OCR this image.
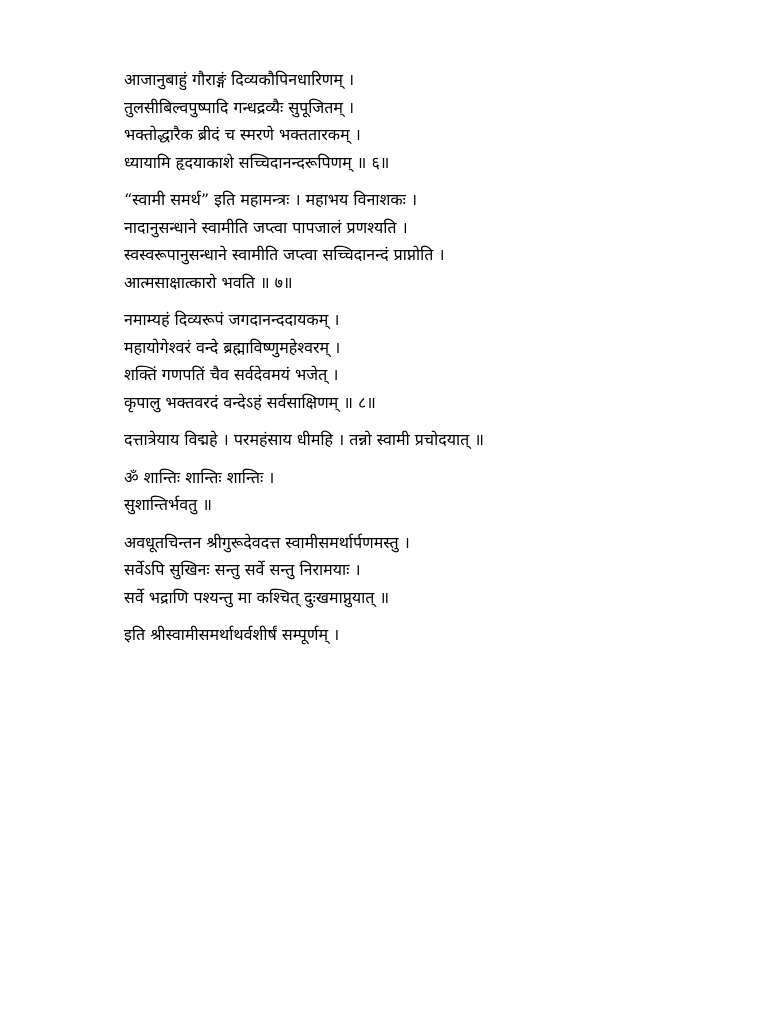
आजानुबाहुं गौराङ्गं दिव्यकौपिनधारिणम् ।
तुलसीबिल्वपुष्पादि गन्धद्रव्यैः सुपूजितम् ।
भक्तोद्धारैक ब्रीदं च स्मरणे भक्ततारकम् ।
ध्यायामि हृदयाकाशे सच्चिदानन्दरूपिणम् ॥ ६॥
“स्वामी समर्थ” इति महामन्त्रः । महाभय विनाशकः ।
नादानुसन्धाने स्वामीति जप्त्वा पापजालं प्रणश्यति ।
स्वस्वरूपानुसन्धाने स्वामीति जप्त्वा सच्चिदानन्दं प्राप्नोति ।
आत्मसाक्षात्कारो भवति ॥ ७॥
नमाम्यहं दिव्यरूपं जगदानन्ददायकम् ।
महायोगेश्वरं वन्दे ब्रह्माविष्णुमहेश्वरम् ।
शक्तिं गणपतिं चैव सर्वदेवमयं भजेत् ।
कृपालु भक्तवरदं वन्देऽहं सर्वसाक्षिणम् ॥ ८॥
दत्तात्रेयाय विद्महे । परमहंसाय धीमहि । तन्नो स्वामी प्रचोदयात् ॥
ॐ शान्तिः शान्तिः शान्तिः ।
सुशान्तिर्भवतु ॥
अवधूतचिन्तन श्रीगुरूदेवदत्त स्वामीसमर्थार्पणमस्तु ।
सर्वेऽपि सुखिनः सन्तु सर्वे सन्तु निरामयाः ।
सर्वे भद्राणि पश्यन्तु मा कश्चित् दुःखमाप्नुयात् ॥
इति श्रीस्वामीसमर्थाथर्वशीर्षं सम्पूर्णम् ।
